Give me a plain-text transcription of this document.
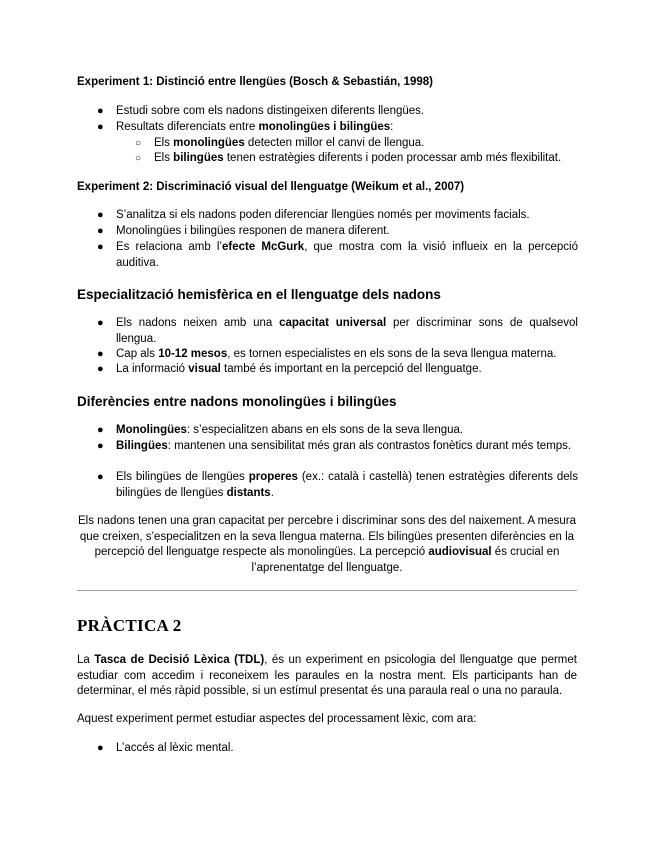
Experiment 1: Distinció entre llengües (Bosch & Sebastián, 1998)
● Estudi sobre com els nadons distingeixen diferents llengües.
● Resultats diferenciats entre monolingües i bilingües:
○ Els monolingües detecten millor el canvi de llengua.
○ Els bilingües tenen estratègies diferents i poden processar amb més flexibilitat.
Experiment 2: Discriminació visual del llenguatge (Weikum et al., 2007)
● S’analitza si els nadons poden diferenciar llengües només per moviments facials.
● Monolingües i bilingües responen de manera diferent.
● Es relaciona amb l’efecte McGurk, que mostra com la visió influeix en la percepció auditiva.
Especialització hemisfèrica en el llenguatge dels nadons
● Els nadons neixen amb una capacitat universal per discriminar sons de qualsevol llengua.
● Cap als 10-12 mesos, es tornen especialistes en els sons de la seva llengua materna.
● La informació visual també és important en la percepció del llenguatge.
Diferències entre nadons monolingües i bilingües
● Monolingües: s’especialitzen abans en els sons de la seva llengua.
● Bilingües: mantenen una sensibilitat més gran als contrastos fonètics durant més temps.
● Els bilingües de llengües properes (ex.: català i castellà) tenen estratègies diferents dels bilingües de llengües distants.
Els nadons tenen una gran capacitat per percebre i discriminar sons des del naixement. A mesura que creixen, s’especialitzen en la seva llengua materna. Els bilingües presenten diferències en la percepció del llenguatge respecte als monolingües. La percepció audiovisual és crucial en l’aprenentatge del llenguatge.
PRÀCTICA 2
La Tasca de Decisió Lèxica (TDL), és un experiment en psicologia del llenguatge que permet estudiar com accedim i reconeixem les paraules en la nostra ment. Els participants han de determinar, el més ràpid possible, si un estímul presentat és una paraula real o una no paraula.
Aquest experiment permet estudiar aspectes del processament lèxic, com ara:
● L’accés al lèxic mental.
